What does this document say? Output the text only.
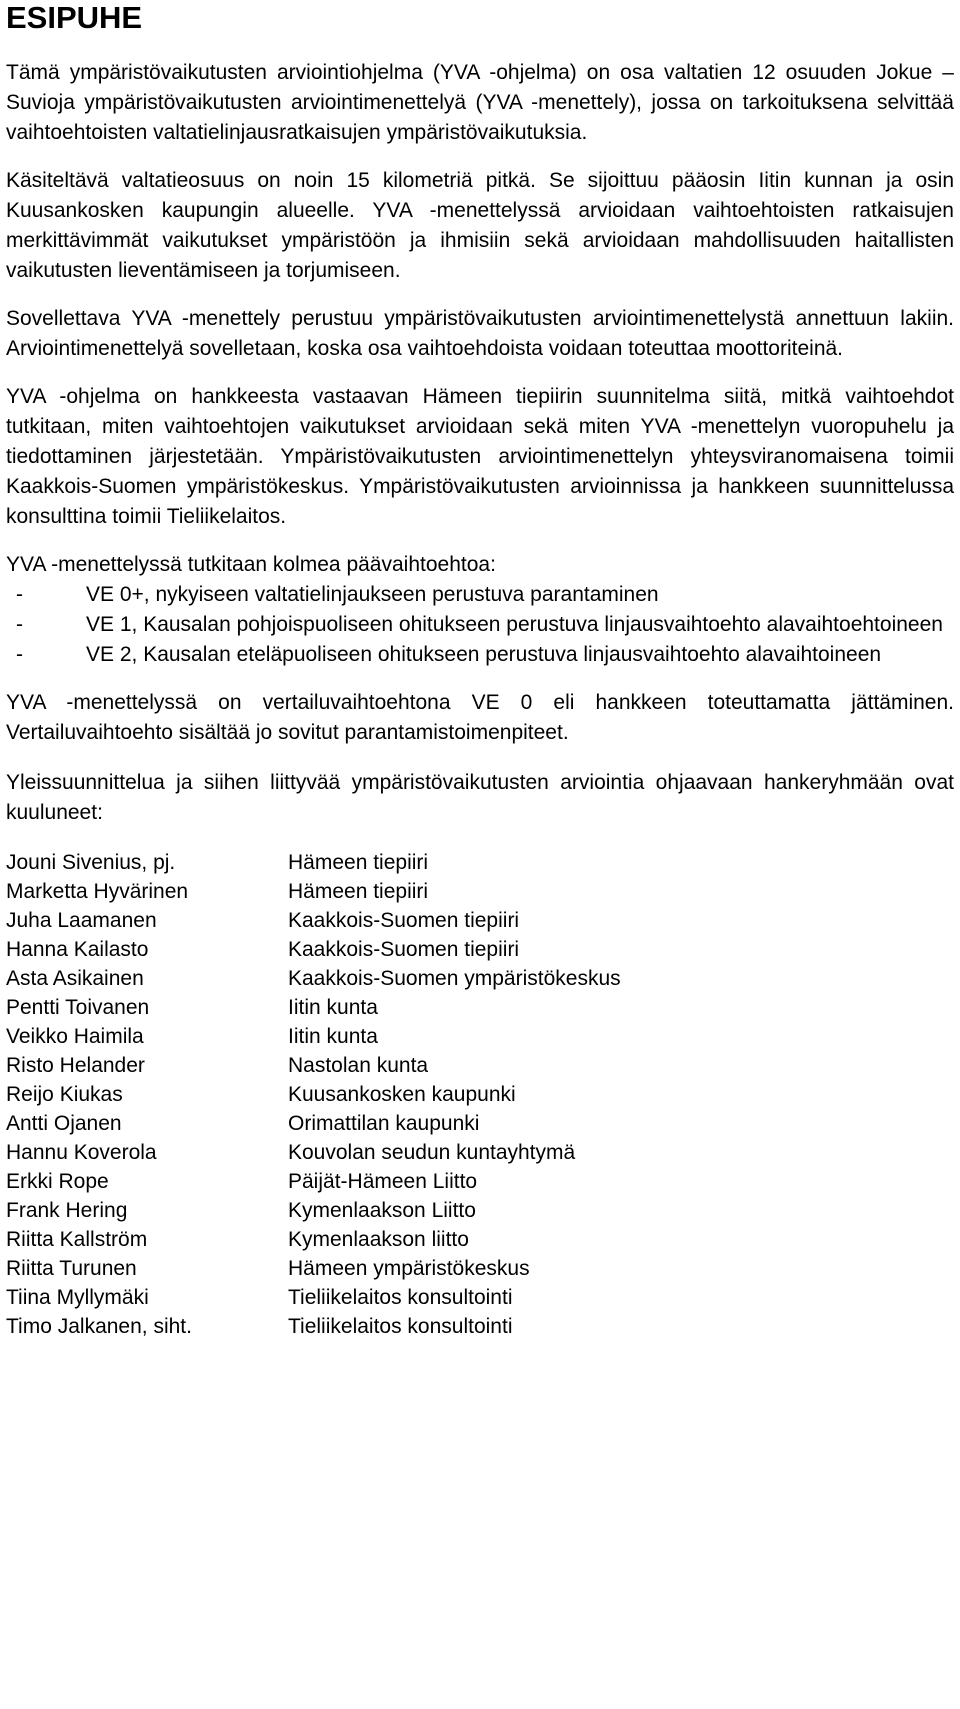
ESIPUHE

Tämä ympäristövaikutusten arviointiohjelma (YVA -ohjelma) on osa valtatien 12 osuuden Jokue – Suvioja ympäristövaikutusten arviointimenettelyä (YVA -menettely), jossa on tarkoituksena selvittää vaihtoehtoisten valtatielinjausratkaisujen ympäristövaikutuksia.

Käsiteltävä valtatieosuus on noin 15 kilometriä pitkä. Se sijoittuu pääosin Iitin kunnan ja osin Kuusankosken kaupungin alueelle. YVA -menettelyssä arvioidaan vaihtoehtoisten ratkaisujen merkittävimmät vaikutukset ympäristöön ja ihmisiin sekä arvioidaan mahdollisuuden haitallisten vaikutusten lieventämiseen ja torjumiseen.

Sovellettava YVA -menettely perustuu ympäristövaikutusten arviointimenettelystä annettuun lakiin. Arviointimenettelyä sovelletaan, koska osa vaihtoehdoista voidaan toteuttaa moottoriteinä.

YVA -ohjelma on hankkeesta vastaavan Hämeen tiepiirin suunnitelma siitä, mitkä vaihtoehdot tutkitaan, miten vaihtoehtojen vaikutukset arvioidaan sekä miten YVA -menettelyn vuoropuhelu ja tiedottaminen järjestetään. Ympäristövaikutusten arviointimenettelyn yhteysviranomaisena toimii Kaakkois-Suomen ympäristökeskus. Ympäristövaikutusten arvioinnissa ja hankkeen suunnittelussa konsulttina toimii Tieliikelaitos.

YVA -menettelyssä tutkitaan kolmea päävaihtoehtoa:

-	VE 0+, nykyiseen valtatielinjaukseen perustuva parantaminen
-	VE 1, Kausalan pohjoispuoliseen ohitukseen perustuva linjausvaihtoehto alavaihtoehtoineen
-	VE 2, Kausalan eteläpuoliseen ohitukseen perustuva linjausvaihtoehto alavaihtoineen

YVA -menettelyssä on vertailuvaihtoehtona VE 0 eli hankkeen toteuttamatta jättäminen. Vertailuvaihtoehto sisältää jo sovitut parantamistoimenpiteet.

Yleissuunnittelua ja siihen liittyvää ympäristövaikutusten arviointia ohjaavaan hankeryhmään ovat kuuluneet:

Jouni Sivenius, pj.	Hämeen tiepiiri
Marketta Hyvärinen	Hämeen tiepiiri
Juha Laamanen	Kaakkois-Suomen tiepiiri
Hanna Kailasto	Kaakkois-Suomen tiepiiri
Asta Asikainen	Kaakkois-Suomen ympäristökeskus
Pentti Toivanen	Iitin kunta
Veikko Haimila	Iitin kunta
Risto Helander	Nastolan kunta
Reijo Kiukas	Kuusankosken kaupunki
Antti Ojanen	Orimattilan kaupunki
Hannu Koverola	Kouvolan seudun kuntayhtymä
Erkki Rope	Päijät-Hämeen Liitto
Frank Hering	Kymenlaakson Liitto
Riitta Kallström	Kymenlaakson liitto
Riitta Turunen	Hämeen ympäristökeskus
Tiina Myllymäki	Tieliikelaitos konsultointi
Timo Jalkanen, siht.	Tieliikelaitos konsultointi
